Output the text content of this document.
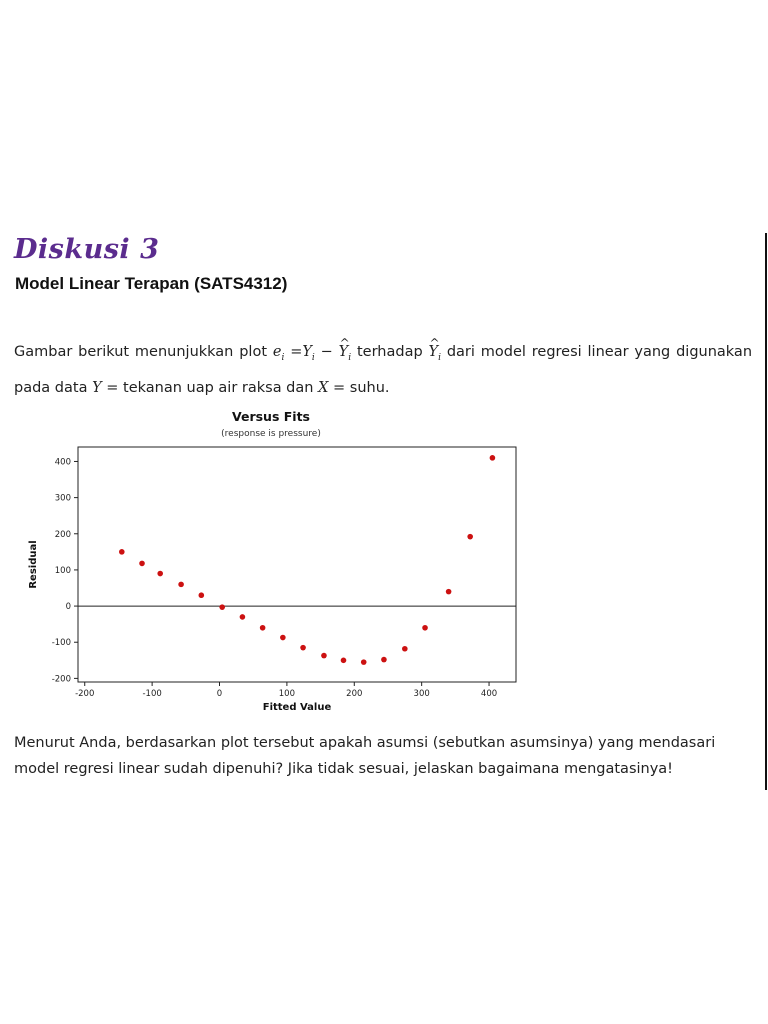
Diskusi 3
Model Linear Terapan (SATS4312)
Gambar berikut menunjukkan plot $e_i =Y_i$ − ^ $Y_i$ terhadap ^ $Y_i$ dari model regresi linear yang digunakan pada data Y = tekanan uap air raksa dan X = suhu.
Versus Fits
(response is pressure)
-200	-100	0	100	200	300	400
-200
-100
0
100
200
300
400
Fitted Value
Residual
Menurut Anda, berdasarkan plot tersebut apakah asumsi (sebutkan asumsinya) yang mendasari
model regresi linear sudah dipenuhi? Jika tidak sesuai, jelaskan bagaimana mengatasinya!
